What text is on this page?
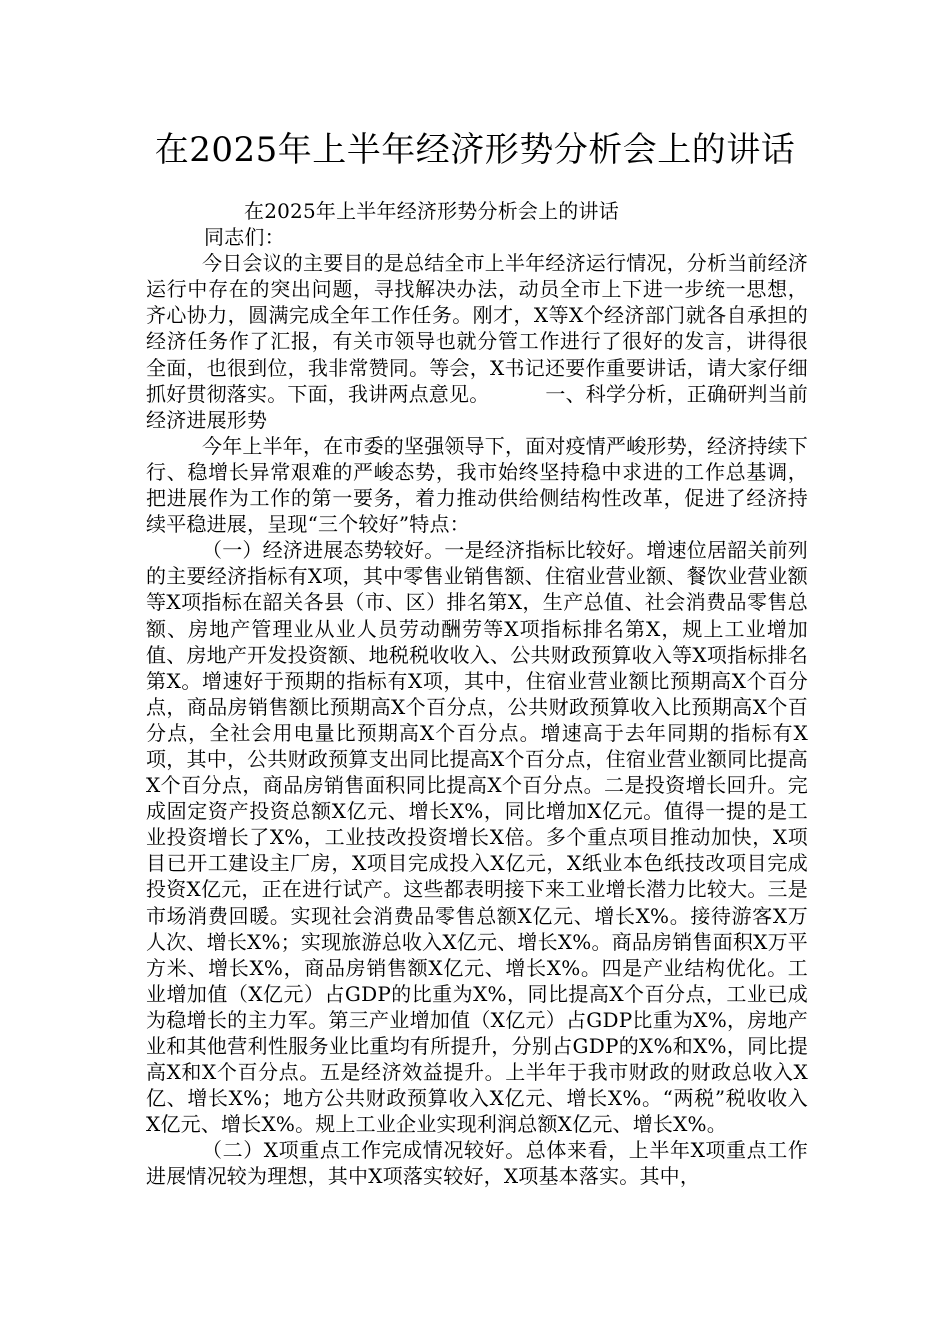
在2025年上半年经济形势分析会上的讲话

在2025年上半年经济形势分析会上的讲话

同志们：

今日会议的主要目的是总结全市上半年经济运行情况，分析当前经济运行中存在的突出问题，寻找解决办法，动员全市上下进一步统一思想，齐心协力，圆满完成全年工作任务。刚才，X等X个经济部门就各自承担的经济任务作了汇报，有关市领导也就分管工作进行了很好的发言，讲得很全面，也很到位，我非常赞同。等会，X书记还要作重要讲话，请大家仔细抓好贯彻落实。下面，我讲两点意见。	一、科学分析，正确研判当前经济进展形势

今年上半年，在市委的坚强领导下，面对疫情严峻形势，经济持续下行、稳增长异常艰难的严峻态势，我市始终坚持稳中求进的工作总基调，把进展作为工作的第一要务，着力推动供给侧结构性改革，促进了经济持续平稳进展，呈现“三个较好”特点：

（一）经济进展态势较好。一是经济指标比较好。增速位居韶关前列的主要经济指标有X项，其中零售业销售额、住宿业营业额、餐饮业营业额等X项指标在韶关各县（市、区）排名第X，生产总值、社会消费品零售总额、房地产管理业从业人员劳动酬劳等X项指标排名第X，规上工业增加值、房地产开发投资额、地税税收收入、公共财政预算收入等X项指标排名第X。增速好于预期的指标有X项，其中，住宿业营业额比预期高X个百分点，商品房销售额比预期高X个百分点，公共财政预算收入比预期高X个百分点，全社会用电量比预期高X个百分点。增速高于去年同期的指标有X项，其中，公共财政预算支出同比提高X个百分点，住宿业营业额同比提高X个百分点，商品房销售面积同比提高X个百分点。二是投资增长回升。完成固定资产投资总额X亿元、增长X%，同比增加X亿元。值得一提的是工业投资增长了X%，工业技改投资增长X倍。多个重点项目推动加快，X项目已开工建设主厂房，X项目完成投入X亿元，X纸业本色纸技改项目完成投资X亿元，正在进行试产。这些都表明接下来工业增长潜力比较大。三是市场消费回暖。实现社会消费品零售总额X亿元、增长X%。接待游客X万人次、增长X%；实现旅游总收入X亿元、增长X%。商品房销售面积X万平方米、增长X%，商品房销售额X亿元、增长X%。四是产业结构优化。工业增加值（X亿元）占GDP的比重为X%，同比提高X个百分点，工业已成为稳增长的主力军。第三产业增加值（X亿元）占GDP比重为X%，房地产业和其他营利性服务业比重均有所提升，分别占GDP的X%和X%，同比提高X和X个百分点。五是经济效益提升。上半年于我市财政的财政总收入X亿、增长X%；地方公共财政预算收入X亿元、增长X%。“两税”税收收入X亿元、增长X%。规上工业企业实现利润总额X亿元、增长X%。

（二）X项重点工作完成情况较好。总体来看，上半年X项重点工作进展情况较为理想，其中X项落实较好，X项基本落实。其中，
